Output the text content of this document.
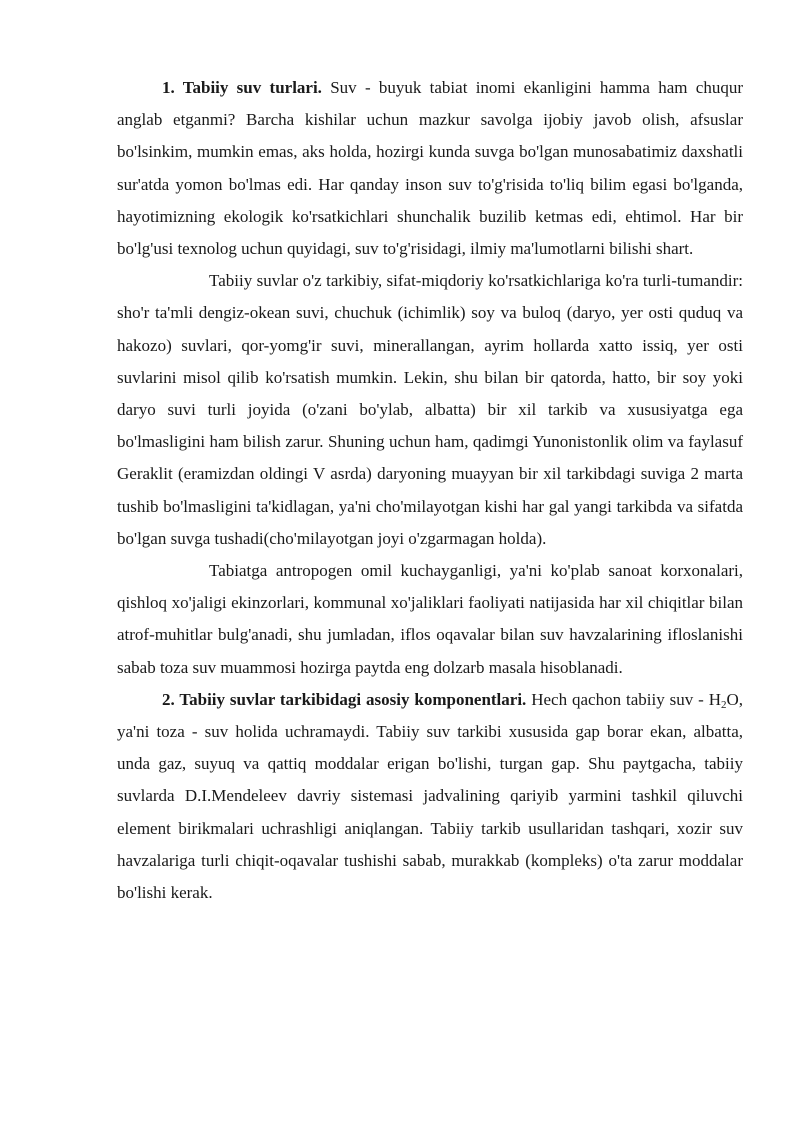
1. Tabiiy suv turlari. Suv - buyuk tabiat inomi ekanligini hamma ham chuqur anglab etganmi? Barcha kishilar uchun mazkur savolga ijobiy javob olish, afsuslar bo'lsinkim, mumkin emas, aks holda, hozirgi kunda suvga bo'lgan munosabatimiz daxshatli sur'atda yomon bo'lmas edi. Har qanday inson suv to'g'risida to'liq bilim egasi bo'lganda, hayotimizning ekologik ko'rsatkichlari shunchalik buzilib ketmas edi, ehtimol. Har bir bo'lg'usi texnolog uchun quyidagi, suv to'g'risidagi, ilmiy ma'lumotlarni bilishi shart.

Tabiiy suvlar o'z tarkibiy, sifat-miqdoriy ko'rsatkichlariga ko'ra turli-tumandir: sho'r ta'mli dengiz-okean suvi, chuchuk (ichimlik) soy va buloq (daryo, yer osti quduq va hakozo) suvlari, qor-yomg'ir suvi, minerallangan, ayrim hollarda xatto issiq, yer osti suvlarini misol qilib ko'rsatish mumkin. Lekin, shu bilan bir qatorda, hatto, bir soy yoki daryo suvi turli joyida (o'zani bo'ylab, albatta) bir xil tarkib va xususiyatga ega bo'lmasligini ham bilish zarur. Shuning uchun ham, qadimgi Yunonistonlik olim va faylasuf Geraklit (eramizdan oldingi V asrda) daryoning muayyan bir xil tarkibdagi suviga 2 marta tushib bo'lmasligini ta'kidlagan, ya'ni cho'milayotgan kishi har gal yangi tarkibda va sifatda bo'lgan suvga tushadi(cho'milayotgan joyi o'zgarmagan holda).

Tabiatga antropogen omil kuchayganligi, ya'ni ko'plab sanoat korxonalari, qishloq xo'jaligi ekinzorlari, kommunal xo'jaliklari faoliyati natijasida har xil chiqitlar bilan atrof-muhitlar bulg'anadi, shu jumladan, iflos oqavalar bilan suv havzalarining ifloslanishi sabab toza suv muammosi hozirga paytda eng dolzarb masala hisoblanadi.

2. Tabiiy suvlar tarkibidagi asosiy komponentlari. Hech qachon tabiiy suv - $H_2O$, ya'ni toza - suv holida uchramaydi. Tabiiy suv tarkibi xususida gap borar ekan, albatta, unda gaz, suyuq va qattiq moddalar erigan bo'lishi, turgan gap. Shu paytgacha, tabiiy suvlarda D.I.Mendeleev davriy sistemasi jadvalining qariyib yarmini tashkil qiluvchi element birikmalari uchrashligi aniqlangan. Tabiiy tarkib usullaridan tashqari, xozir suv havzalariga turli chiqit-oqavalar tushishi sabab, murakkab (kompleks) o'ta zarur moddalar bo'lishi kerak.
